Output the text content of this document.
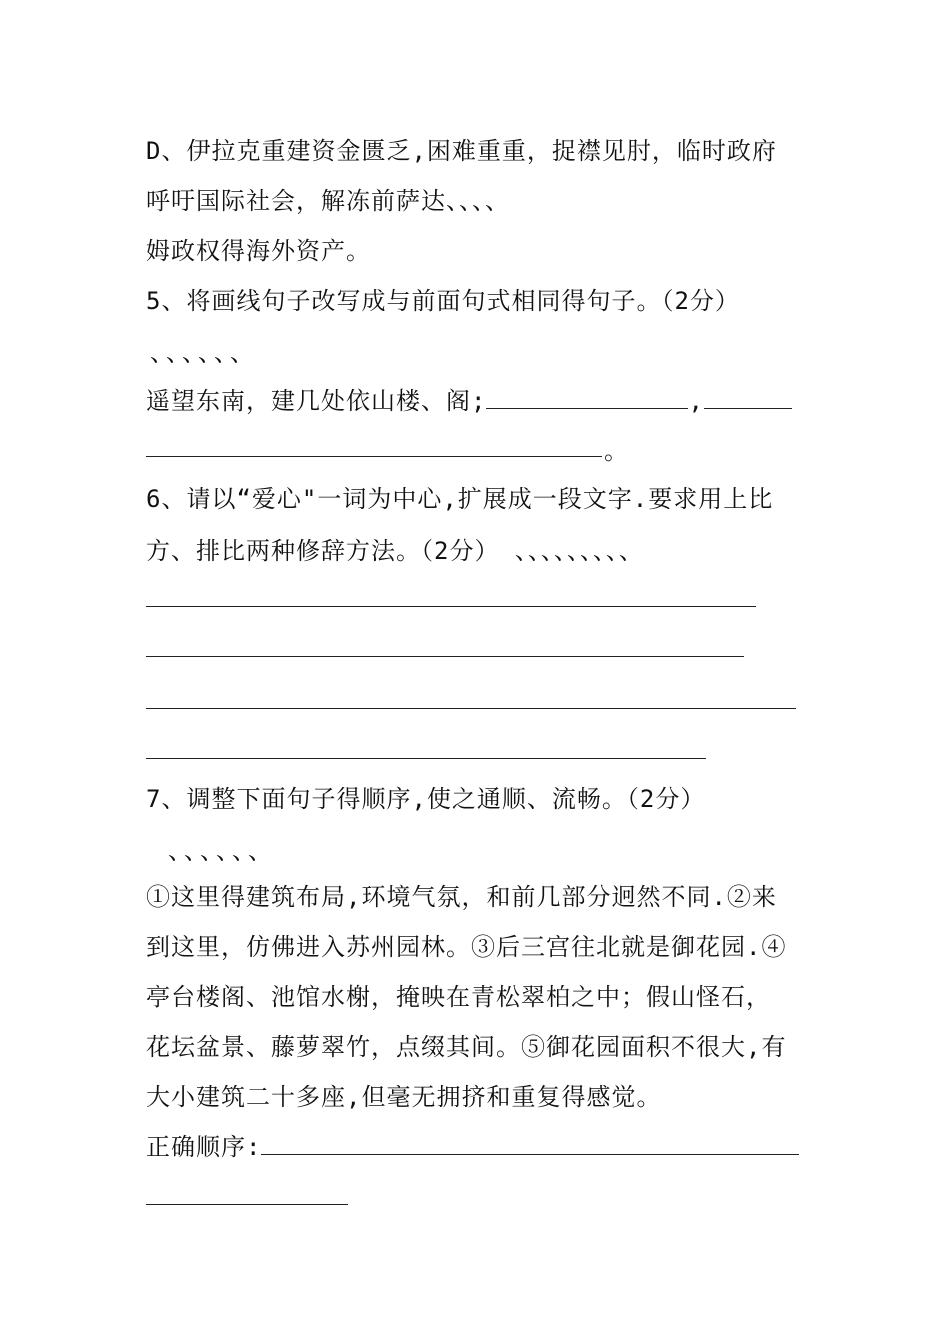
D、伊拉克重建资金匮乏,困难重重，捉襟见肘，临时政府
呼吁国际社会，解冻前萨达、、、、
姆政权得海外资产。
5、将画线句子改写成与前面句式相同得句子。（2分）
、、、、、、
遥望东南，建几处依山楼、阁;	,
。
6、请以“爱心"一词为中心,扩展成一段文字.要求用上比
方、排比两种修辞方法。（2分） 、、、、、、、、、
7、调整下面句子得顺序,使之通顺、流畅。（2分）
、、、、、、
①这里得建筑布局,环境气氛，和前几部分迥然不同.②来
到这里，仿佛进入苏州园林。③后三宫往北就是御花园.④
亭台楼阁、池馆水榭，掩映在青松翠柏之中；假山怪石，
花坛盆景、藤萝翠竹，点缀其间。⑤御花园面积不很大,有
大小建筑二十多座,但毫无拥挤和重复得感觉。
正确顺序:
